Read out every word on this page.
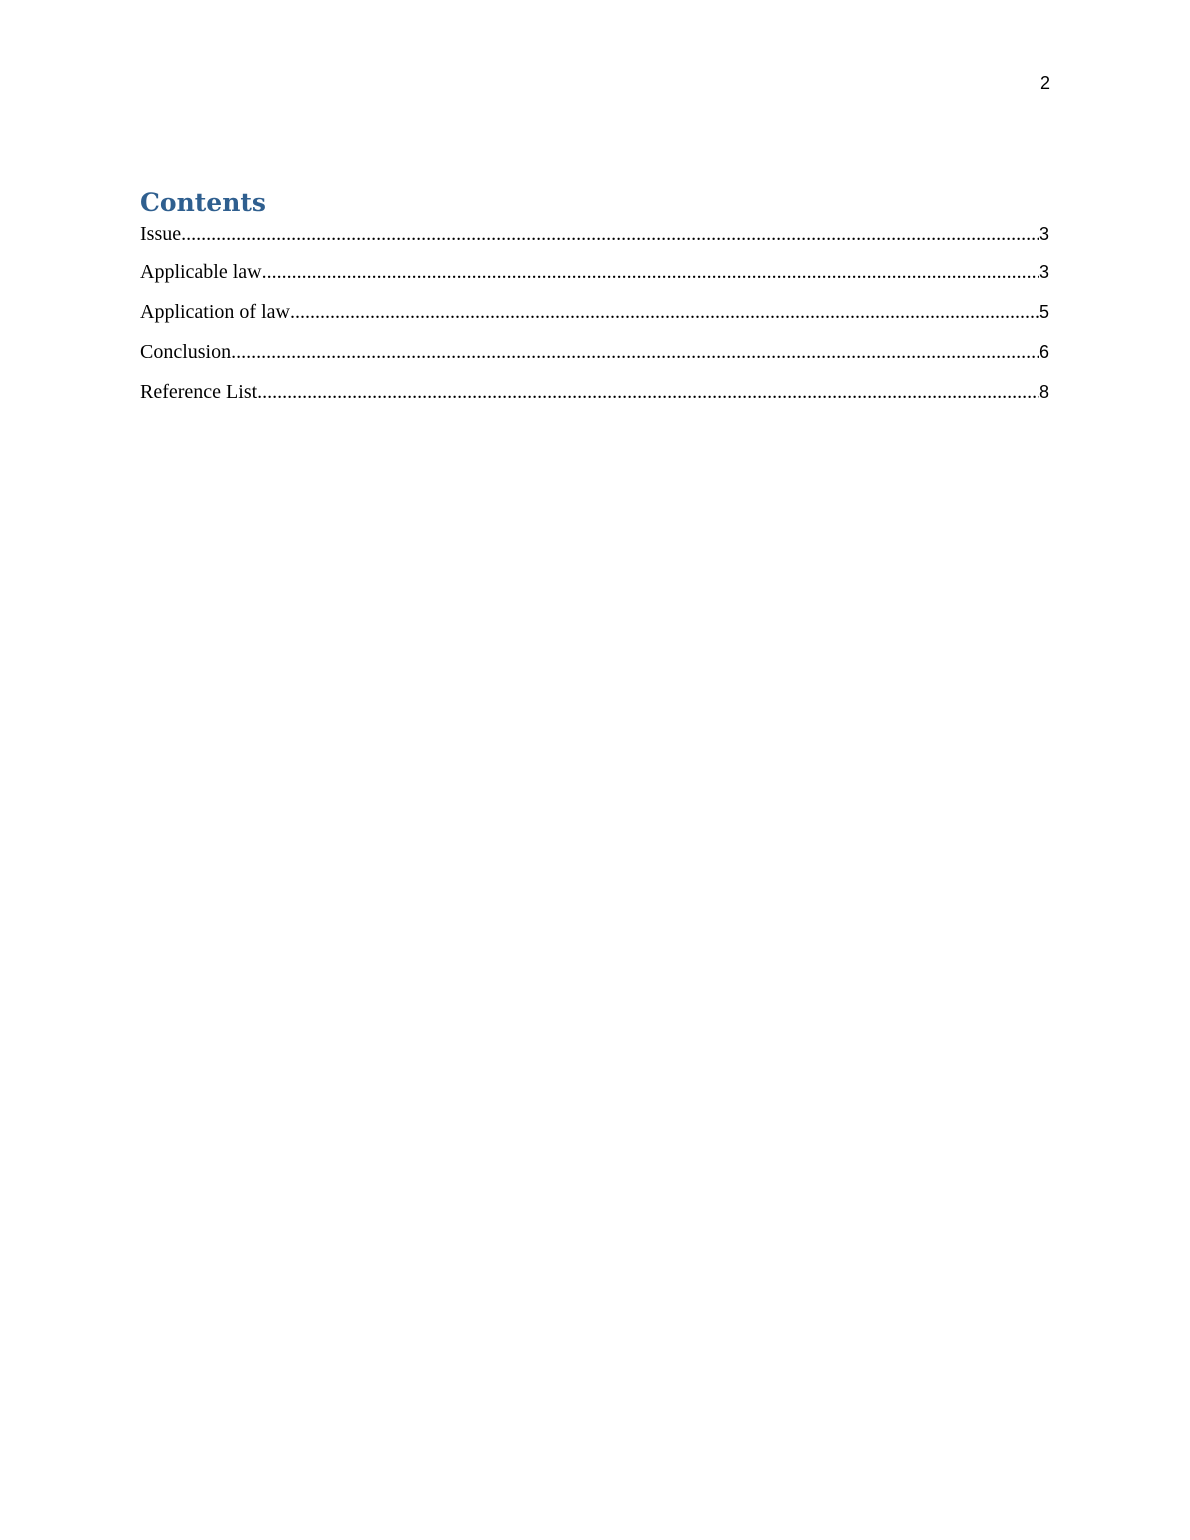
2
Contents
Issue .....	3
Applicable law .....	3
Application of law .....	5
Conclusion .....	6
Reference List .....	8
